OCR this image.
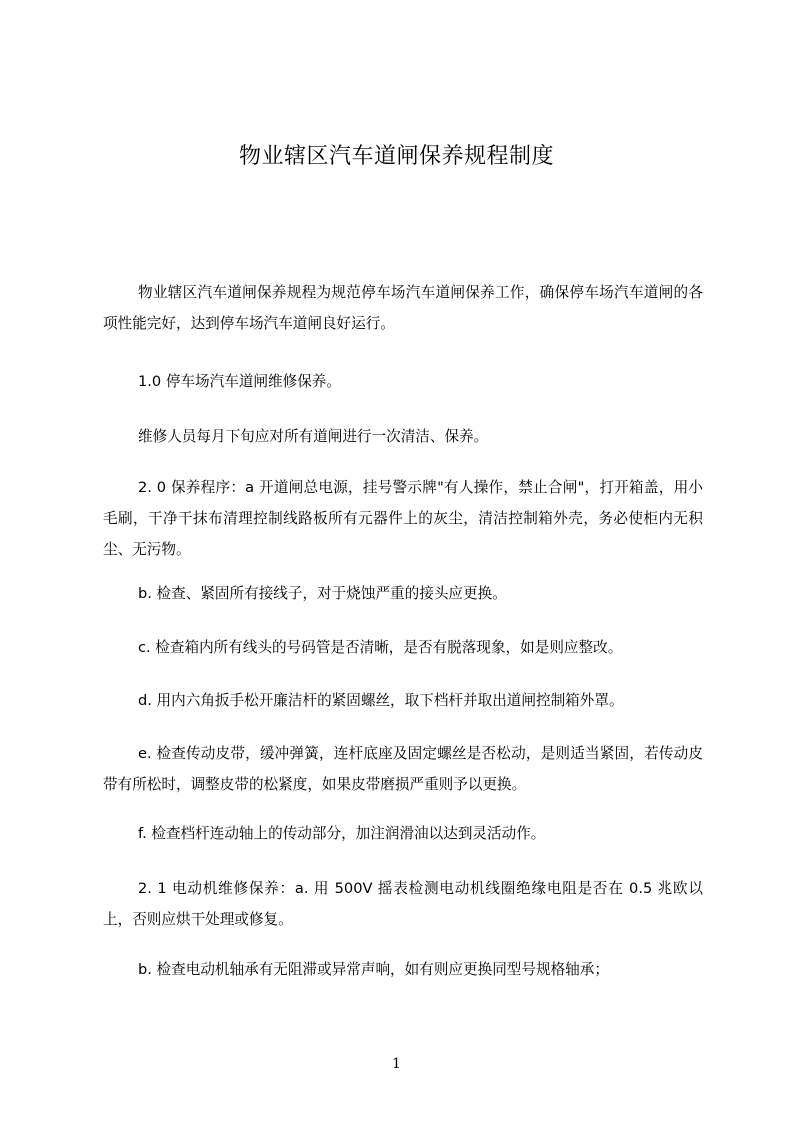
物业辖区汽车道闸保养规程制度

物业辖区汽车道闸保养规程为规范停车场汽车道闸保养工作，确保停车场汽车道闸的各项性能完好，达到停车场汽车道闸良好运行。

1.0 停车场汽车道闸维修保养。

维修人员每月下旬应对所有道闸进行一次清洁、保养。

2. 0 保养程序：a 开道闸总电源，挂号警示牌"有人操作，禁止合闸"，打开箱盖，用小毛刷，干净干抹布清理控制线路板所有元器件上的灰尘，清洁控制箱外壳，务必使柜内无积尘、无污物。

b. 检查、紧固所有接线子，对于烧蚀严重的接头应更换。

c. 检查箱内所有线头的号码管是否清晰，是否有脱落现象，如是则应整改。

d. 用内六角扳手松开廉洁杆的紧固螺丝，取下档杆并取出道闸控制箱外罩。

e. 检查传动皮带，缓冲弹簧，连杆底座及固定螺丝是否松动，是则适当紧固，若传动皮带有所松时，调整皮带的松紧度，如果皮带磨损严重则予以更换。

f. 检查档杆连动轴上的传动部分，加注润滑油以达到灵活动作。

2. 1 电动机维修保养：a. 用 500V 摇表检测电动机线圈绝缘电阻是否在 0.5 兆欧以上，否则应烘干处理或修复。

b. 检查电动机轴承有无阻滞或异常声响，如有则应更换同型号规格轴承；

1
